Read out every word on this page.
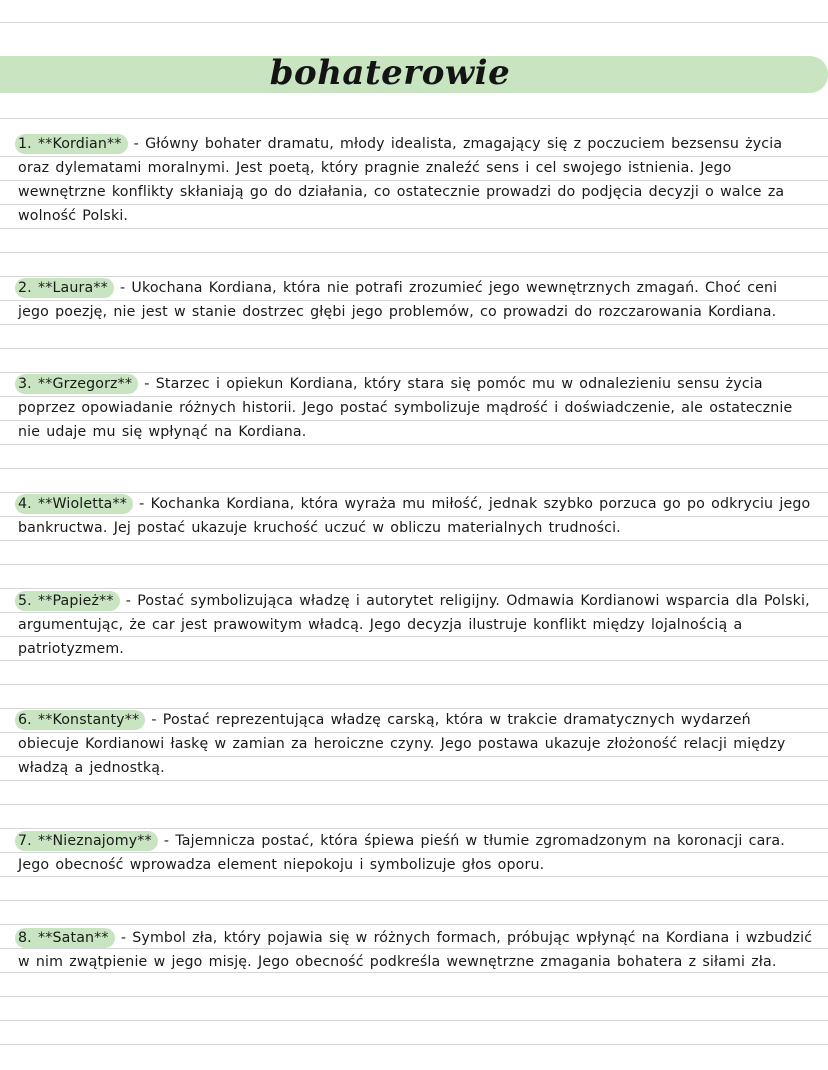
bohaterowie

1. **Kordian** - Główny bohater dramatu, młody idealista, zmagający się z poczuciem bezsensu życia oraz dylematami moralnymi. Jest poetą, który pragnie znaleźć sens i cel swojego istnienia. Jego wewnętrzne konflikty skłaniają go do działania, co ostatecznie prowadzi do podjęcia decyzji o walce za wolność Polski.

2. **Laura** - Ukochana Kordiana, która nie potrafi zrozumieć jego wewnętrznych zmagań. Choć ceni jego poezję, nie jest w stanie dostrzec głębi jego problemów, co prowadzi do rozczarowania Kordiana.

3. **Grzegorz** - Starzec i opiekun Kordiana, który stara się pomóc mu w odnalezieniu sensu życia poprzez opowiadanie różnych historii. Jego postać symbolizuje mądrość i doświadczenie, ale ostatecznie nie udaje mu się wpłynąć na Kordiana.

4. **Wioletta** - Kochanka Kordiana, która wyraża mu miłość, jednak szybko porzuca go po odkryciu jego bankructwa. Jej postać ukazuje kruchość uczuć w obliczu materialnych trudności.

5. **Papież** - Postać symbolizująca władzę i autorytet religijny. Odmawia Kordianowi wsparcia dla Polski, argumentując, że car jest prawowitym władcą. Jego decyzja ilustruje konflikt między lojalnością a patriotyzmem.

6. **Konstanty** - Postać reprezentująca władzę carską, która w trakcie dramatycznych wydarzeń obiecuje Kordianowi łaskę w zamian za heroiczne czyny. Jego postawa ukazuje złożoność relacji między władzą a jednostką.

7. **Nieznajomy** - Tajemnicza postać, która śpiewa pieśń w tłumie zgromadzonym na koronacji cara. Jego obecność wprowadza element niepokoju i symbolizuje głos oporu.

8. **Satan** - Symbol zła, który pojawia się w różnych formach, próbując wpłynąć na Kordiana i wzbudzić w nim zwątpienie w jego misję. Jego obecność podkreśla wewnętrzne zmagania bohatera z siłami zła.
